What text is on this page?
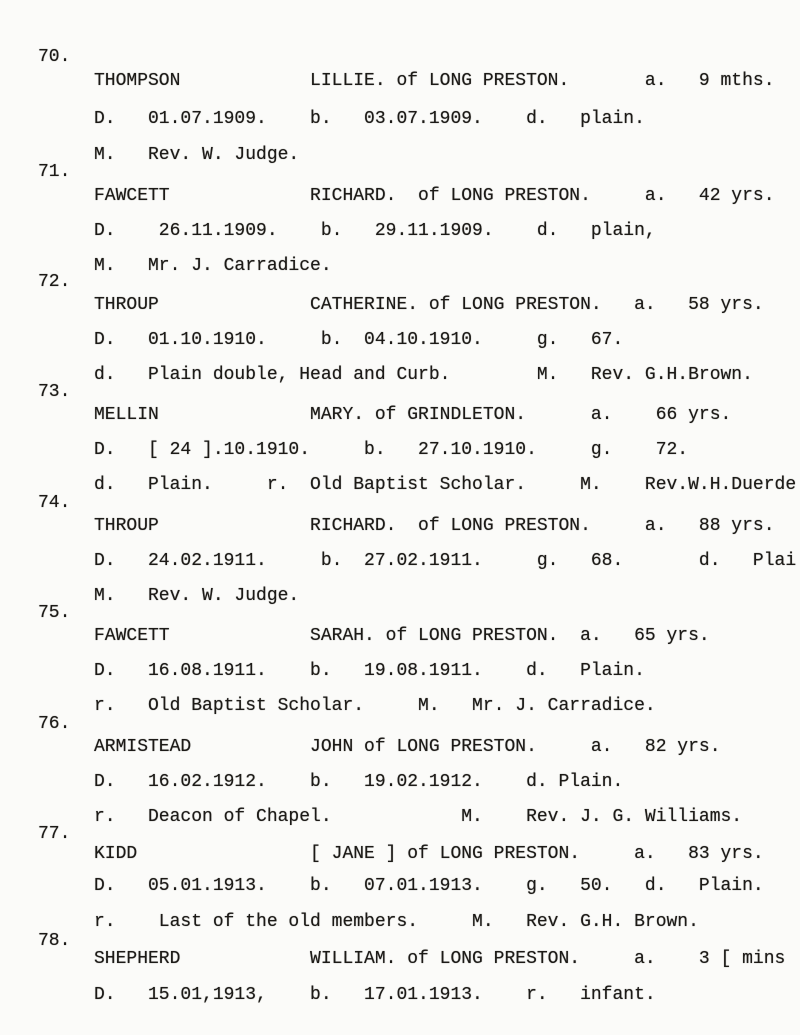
70.
THOMPSON            LILLIE. of LONG PRESTON.       a.   9 mths.
D.   01.07.1909.    b.   03.07.1909.    d.   plain.
M.   Rev. W. Judge.
71.
FAWCETT             RICHARD.  of LONG PRESTON.     a.   42 yrs.
D.    26.11.1909.    b.   29.11.1909.    d.   plain,
M.   Mr. J. Carradice.
72.
THROUP              CATHERINE. of LONG PRESTON.   a.   58 yrs.
D.   01.10.1910.     b.  04.10.1910.     g.   67.
d.   Plain double, Head and Curb.        M.   Rev. G.H.Brown.
73.
MELLIN              MARY. of GRINDLETON.      a.    66 yrs.
D.   [ 24 ].10.1910.     b.   27.10.1910.     g.    72.
d.   Plain.     r.  Old Baptist Scholar.     M.    Rev.W.H.Duerde
74.
THROUP              RICHARD.  of LONG PRESTON.     a.   88 yrs.
D.   24.02.1911.     b.  27.02.1911.     g.   68.       d.   Plai
M.   Rev. W. Judge.
75.
FAWCETT             SARAH. of LONG PRESTON.  a.   65 yrs.
D.   16.08.1911.    b.   19.08.1911.    d.   Plain.
r.   Old Baptist Scholar.     M.   Mr. J. Carradice.
76.
ARMISTEAD           JOHN of LONG PRESTON.     a.   82 yrs.
D.   16.02.1912.    b.   19.02.1912.    d. Plain.
r.   Deacon of Chapel.            M.    Rev. J. G. Williams.
77.
KIDD                [ JANE ] of LONG PRESTON.     a.   83 yrs.
D.   05.01.1913.    b.   07.01.1913.    g.   50.   d.   Plain.
r.    Last of the old members.     M.   Rev. G.H. Brown.
78.
SHEPHERD            WILLIAM. of LONG PRESTON.     a.    3 [ mins
D.   15.01,1913,    b.   17.01.1913.    r.   infant.
